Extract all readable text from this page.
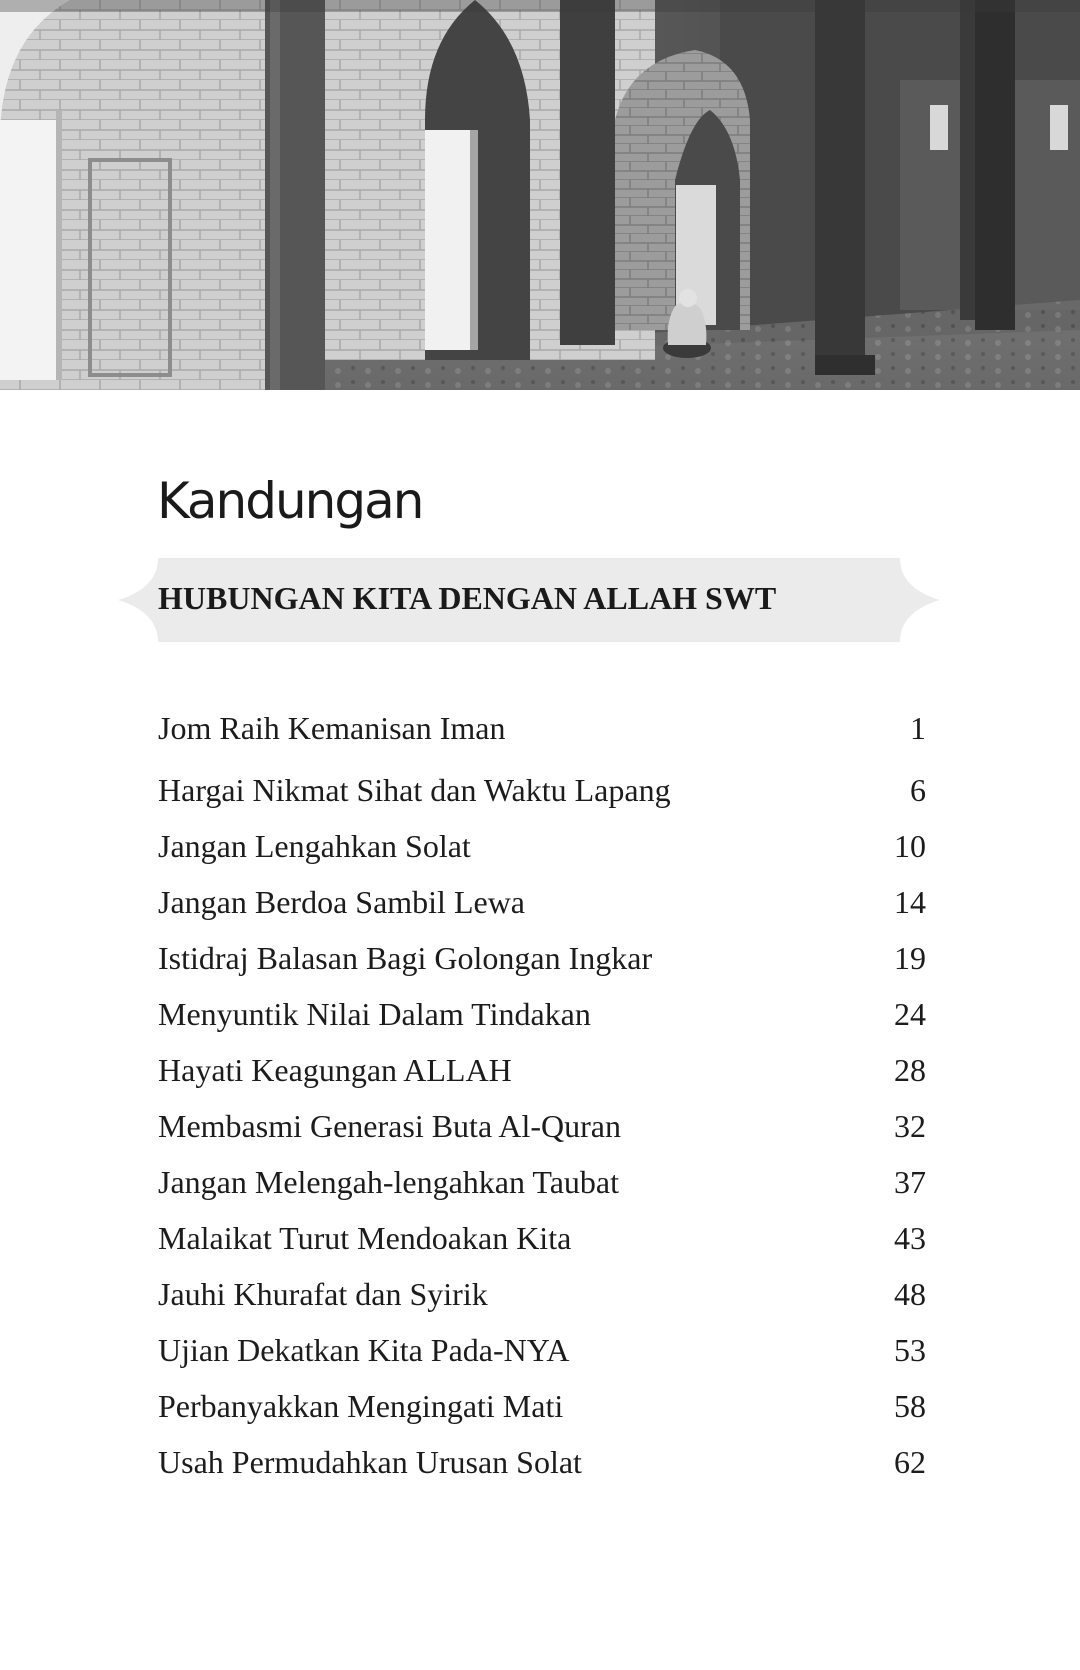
Kandungan
HUBUNGAN KITA DENGAN ALLAH SWT
Jom Raih Kemanisan Iman	1
Hargai Nikmat Sihat dan Waktu Lapang	6
Jangan Lengahkan Solat	10
Jangan Berdoa Sambil Lewa	14
Istidraj Balasan Bagi Golongan Ingkar	19
Menyuntik Nilai Dalam Tindakan	24
Hayati Keagungan ALLAH	28
Membasmi Generasi Buta Al-Quran	32
Jangan Melengah-lengahkan Taubat	37
Malaikat Turut Mendoakan Kita	43
Jauhi Khurafat dan Syirik	48
Ujian Dekatkan Kita Pada-NYA	53
Perbanyakkan Mengingati Mati	58
Usah Permudahkan Urusan Solat	62
